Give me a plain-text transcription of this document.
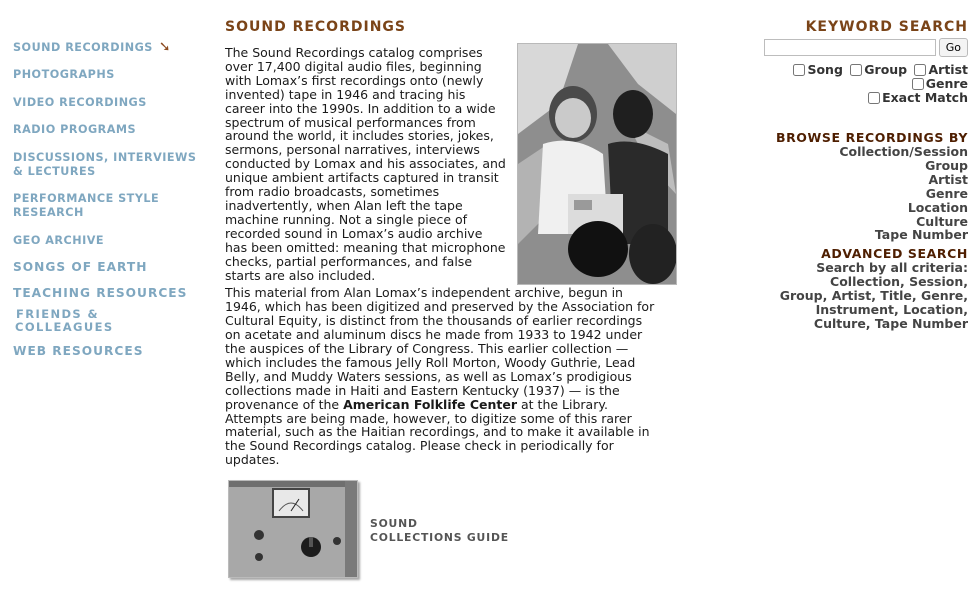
SOUND RECORDINGS ➘
PHOTOGRAPHS
VIDEO RECORDINGS
RADIO PROGRAMS
DISCUSSIONS, INTERVIEWS
& LECTURES
PERFORMANCE STYLE
RESEARCH
GEO ARCHIVE
SONGS OF EARTH
TEACHING RESOURCES
FRIENDS &
COLLEAGUES
WEB RESOURCES
SOUND RECORDINGS

The Sound Recordings catalog comprises over 17,400 digital audio files, beginning with Lomax’s first recordings onto (newly invented) tape in 1946 and tracing his career into the 1990s. In addition to a wide spectrum of musical performances from around the world, it includes stories, jokes, sermons, personal narratives, interviews conducted by Lomax and his associates, and unique ambient artifacts captured in transit from radio broadcasts, sometimes inadvertently, when Alan left the tape machine running. Not a single piece of recorded sound in Lomax’s audio archive has been omitted: meaning that microphone checks, partial performances, and false starts are also included.

This material from Alan Lomax’s independent archive, begun in 1946, which has been digitized and preserved by the Association for Cultural Equity, is distinct from the thousands of earlier recordings on acetate and aluminum discs he made from 1933 to 1942 under the auspices of the Library of Congress. This earlier collection — which includes the famous Jelly Roll Morton, Woody Guthrie, Lead Belly, and Muddy Waters sessions, as well as Lomax’s prodigious collections made in Haiti and Eastern Kentucky (1937) — is the provenance of the American Folklife Center at the Library. Attempts are being made, however, to digitize some of this rarer material, such as the Haitian recordings, and to make it available in the Sound Recordings catalog. Please check in periodically for updates.

SOUND
COLLECTIONS GUIDE
KEYWORD SEARCH
Go
Song Group Artist Genre
Exact Match
BROWSE RECORDINGS BY
Collection/Session
Group
Artist
Genre
Location
Culture
Tape Number
ADVANCED SEARCH
Search by all criteria:
Collection, Session,
Group, Artist, Title, Genre,
Instrument, Location,
Culture, Tape Number
